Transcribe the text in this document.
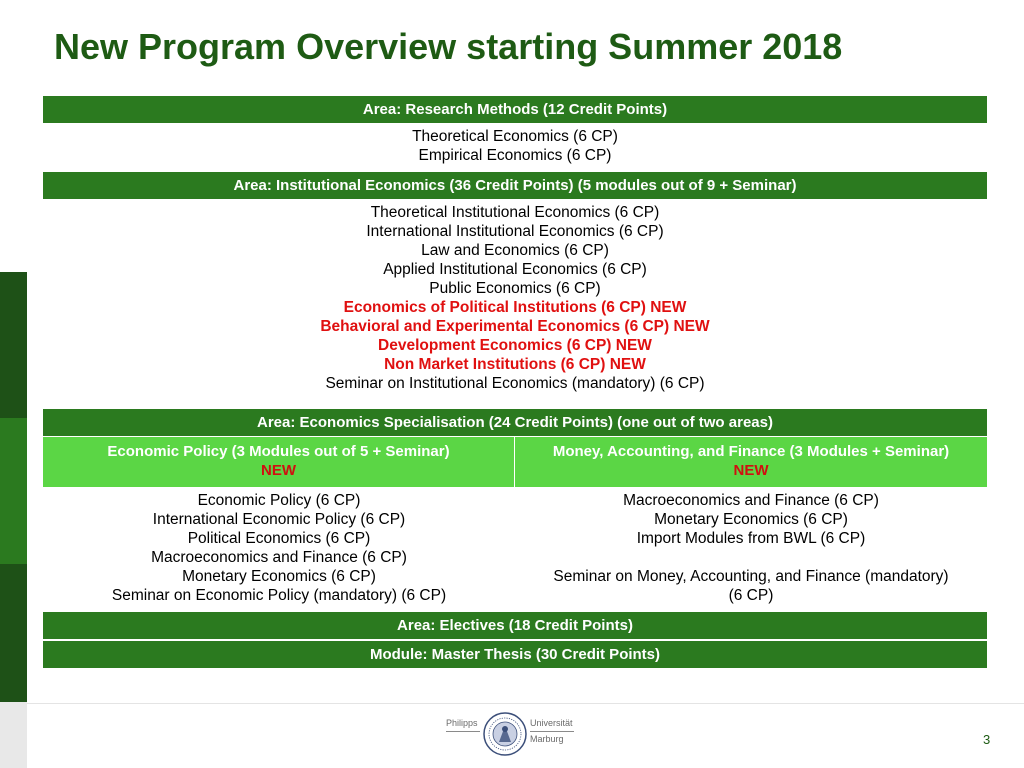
New Program Overview starting Summer 2018
Area: Research Methods (12 Credit Points)
Theoretical Economics (6 CP)
Empirical Economics (6 CP)
Area: Institutional Economics (36 Credit Points) (5 modules out of 9 + Seminar)
Theoretical Institutional Economics (6 CP)
International Institutional Economics (6 CP)
Law and Economics (6 CP)
Applied Institutional Economics (6 CP)
Public Economics (6 CP)
Economics of Political Institutions (6 CP) NEW
Behavioral and Experimental Economics (6 CP) NEW
Development Economics (6 CP) NEW
Non Market Institutions (6 CP) NEW
Seminar on Institutional Economics (mandatory) (6 CP)
Area: Economics Specialisation (24 Credit Points) (one out of two areas)
Economic Policy (3 Modules out of 5 + Seminar)
NEW
Money, Accounting, and Finance (3 Modules + Seminar)
NEW
Economic Policy (6 CP)
International Economic Policy (6 CP)
Political Economics (6 CP)
Macroeconomics and Finance (6 CP)
Monetary Economics (6 CP)
Seminar on Economic Policy (mandatory) (6 CP)
Macroeconomics and Finance (6 CP)
Monetary Economics (6 CP)
Import Modules from BWL (6 CP)
Seminar on Money, Accounting, and Finance (mandatory)
(6 CP)
Area: Electives (18 Credit Points)
Module: Master Thesis (30 Credit Points)
Philipps	Universität
Marburg	3
